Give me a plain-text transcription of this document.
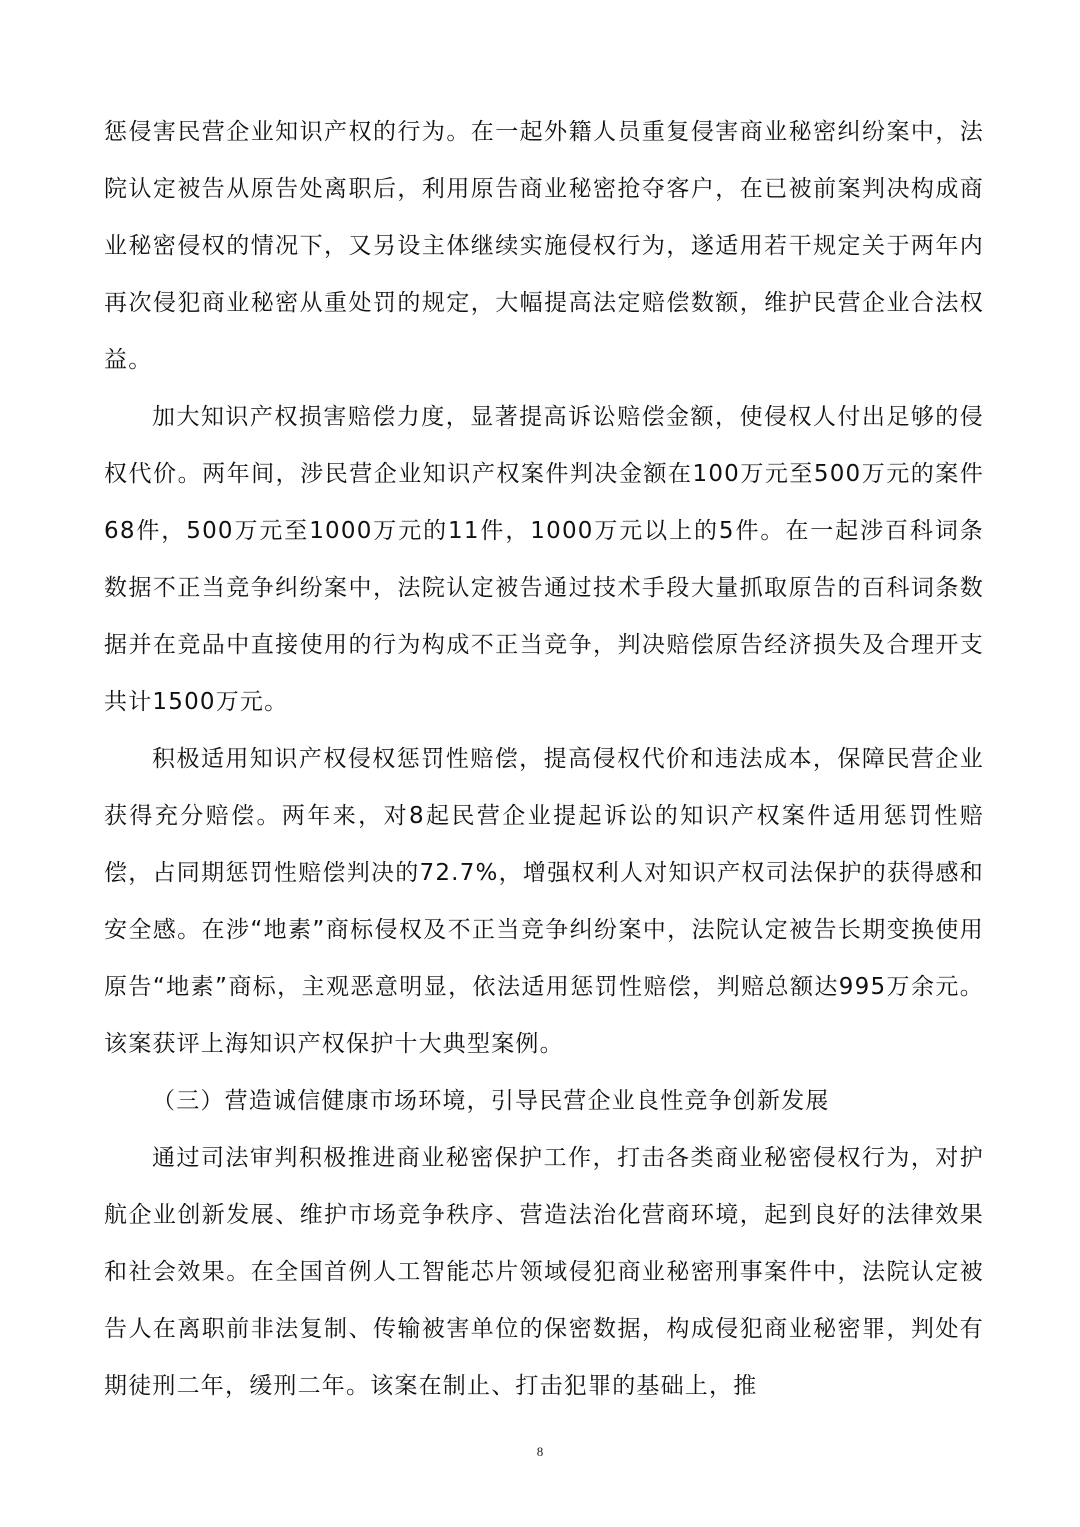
惩侵害民营企业知识产权的行为。在一起外籍人员重复侵害商业秘密纠纷案中，法院认定被告从原告处离职后，利用原告商业秘密抢夺客户，在已被前案判决构成商业秘密侵权的情况下，又另设主体继续实施侵权行为，遂适用若干规定关于两年内再次侵犯商业秘密从重处罚的规定，大幅提高法定赔偿数额，维护民营企业合法权益。

加大知识产权损害赔偿力度，显著提高诉讼赔偿金额，使侵权人付出足够的侵权代价。两年间，涉民营企业知识产权案件判决金额在100万元至500万元的案件68件，500万元至1000万元的11件，1000万元以上的5件。在一起涉百科词条数据不正当竞争纠纷案中，法院认定被告通过技术手段大量抓取原告的百科词条数据并在竞品中直接使用的行为构成不正当竞争，判决赔偿原告经济损失及合理开支共计1500万元。

积极适用知识产权侵权惩罚性赔偿，提高侵权代价和违法成本，保障民营企业获得充分赔偿。两年来，对8起民营企业提起诉讼的知识产权案件适用惩罚性赔偿，占同期惩罚性赔偿判决的72.7%，增强权利人对知识产权司法保护的获得感和安全感。在涉“地素”商标侵权及不正当竞争纠纷案中，法院认定被告长期变换使用原告“地素”商标，主观恶意明显，依法适用惩罚性赔偿，判赔总额达995万余元。该案获评上海知识产权保护十大典型案例。

（三）营造诚信健康市场环境，引导民营企业良性竞争创新发展

通过司法审判积极推进商业秘密保护工作，打击各类商业秘密侵权行为，对护航企业创新发展、维护市场竞争秩序、营造法治化营商环境，起到良好的法律效果和社会效果。在全国首例人工智能芯片领域侵犯商业秘密刑事案件中，法院认定被告人在离职前非法复制、传输被害单位的保密数据，构成侵犯商业秘密罪，判处有期徒刑二年，缓刑二年。该案在制止、打击犯罪的基础上，推

8
